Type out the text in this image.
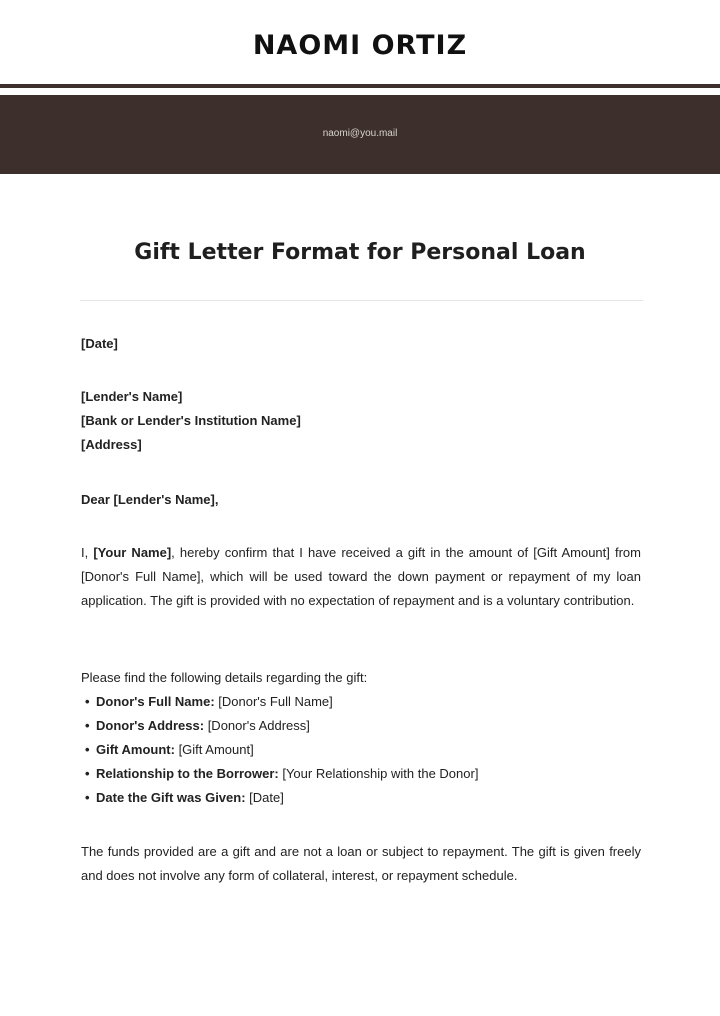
NAOMI ORTIZ
naomi@you.mail
Gift Letter Format for Personal Loan
[Date]
[Lender's Name]
[Bank or Lender's Institution Name]
[Address]
Dear [Lender's Name],
I, [Your Name], hereby confirm that I have received a gift in the amount of [Gift Amount] from [Donor's Full Name], which will be used toward the down payment or repayment of my loan application. The gift is provided with no expectation of repayment and is a voluntary contribution.
Please find the following details regarding the gift:
• Donor's Full Name: [Donor's Full Name]
• Donor's Address: [Donor's Address]
• Gift Amount: [Gift Amount]
• Relationship to the Borrower: [Your Relationship with the Donor]
• Date the Gift was Given: [Date]
The funds provided are a gift and are not a loan or subject to repayment. The gift is given freely and does not involve any form of collateral, interest, or repayment schedule.
